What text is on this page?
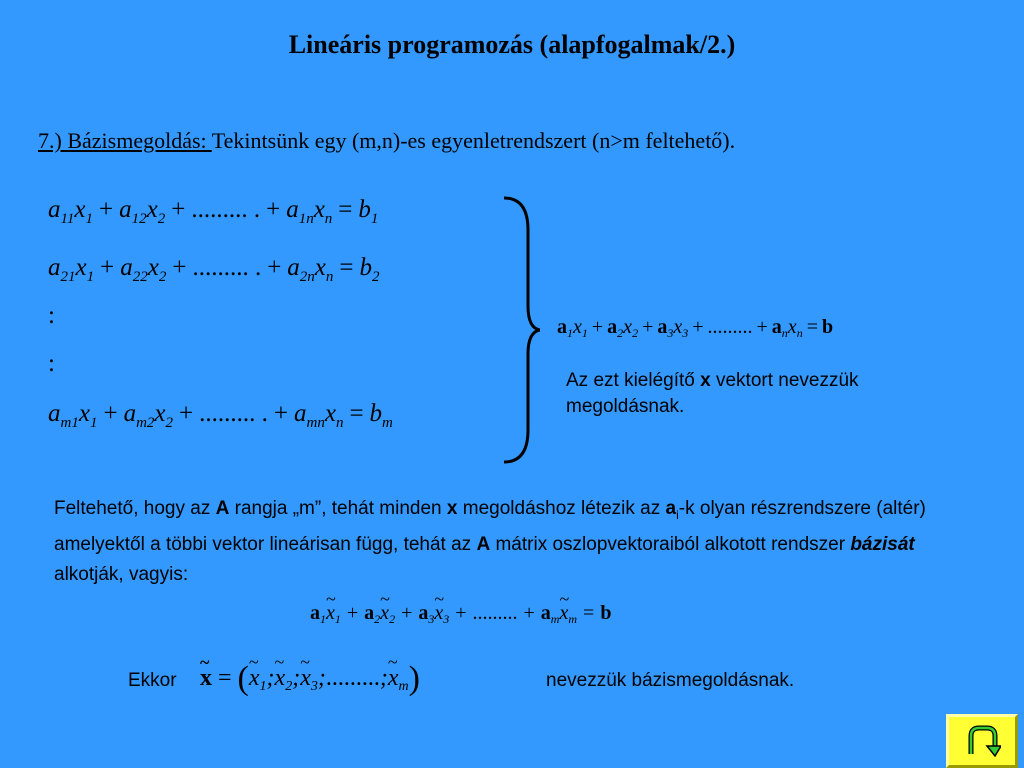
Lineáris programozás (alapfogalmak/2.)
7.) Bázismegoldás: Tekintsünk egy (m,n)-es egyenletrendszert (n>m feltehető).
$a_{11}x_1 + a_{12}x_2$ + ......... . + $a_{1n}x_n = b_1$
$a_{21}x_1 + a_{22}x_2$ + ......... . + $a_{2n}x_n = b_2$
:
:
$a_{m1}x_1 + a_{m2}x_2$ + ......... . + $a_{mn}x_n = b_m$
$a_1x_1 + a_2x_2 + a_3x_3$ + ......... + $a_nx_n = b$
Az ezt kielégítő x vektort nevezzük megoldásnak.
Feltehető, hogy az A rangja „m”, tehát minden x megoldáshoz létezik az $a_i-k$ olyan részrendszere (altér) amelyektől a többi vektor lineárisan függ, tehát az A mátrix oszlopvektoraiból alkotott rendszer bázisát alkotják, vagyis:
$a_1\sim$ $x_1$ + $a_2\sim$ $x_2$ + $a_3\sim$ $x_3$ + ......... + $a_m\sim$ $x_m = b$
Ekkor
~ x = (~ $x_1;\sim$ $x_2;\sim$ $x_3;.........;\sim$ $x_m$)	nevezzük bázismegoldásnak.
